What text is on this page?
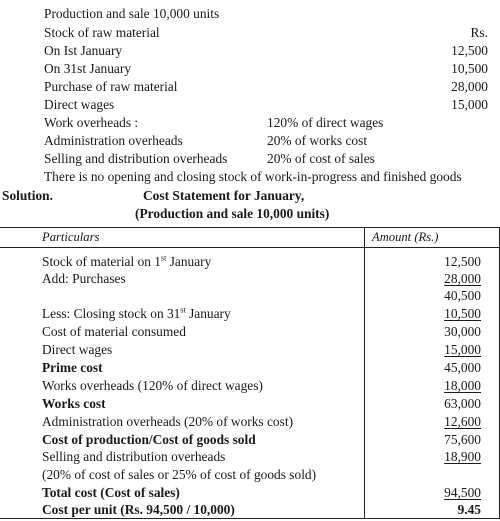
Production and sale 10,000 units
Stock of raw material	Rs.
On Ist January	12,500
On 31st January	10,500
Purchase of raw material	28,000
Direct wages	15,000
Work overheads :	120% of direct wages
Administration overheads	20% of works cost
Selling and distribution overheads	20% of cost of sales
There is no opening and closing stock of work-in-progress and finished goods
Solution.	Cost Statement for January,
(Production and sale 10,000 units)
Particulars	Amount (Rs.)
Stock of material on 1st January	12,500
Add: Purchases	28,000
40,500
Less: Closing stock on 31st January	10,500
Cost of material consumed	30,000
Direct wages	15,000
Prime cost	45,000
Works overheads (120% of direct wages)	18,000
Works cost	63,000
Administration overheads (20% of works cost)	12,600
Cost of production/Cost of goods sold	75,600
Selling and distribution overheads	18,900
(20% of cost of sales or 25% of cost of goods sold)
Total cost (Cost of sales)	94,500
Cost per unit (Rs. 94,500 / 10,000)	9.45
